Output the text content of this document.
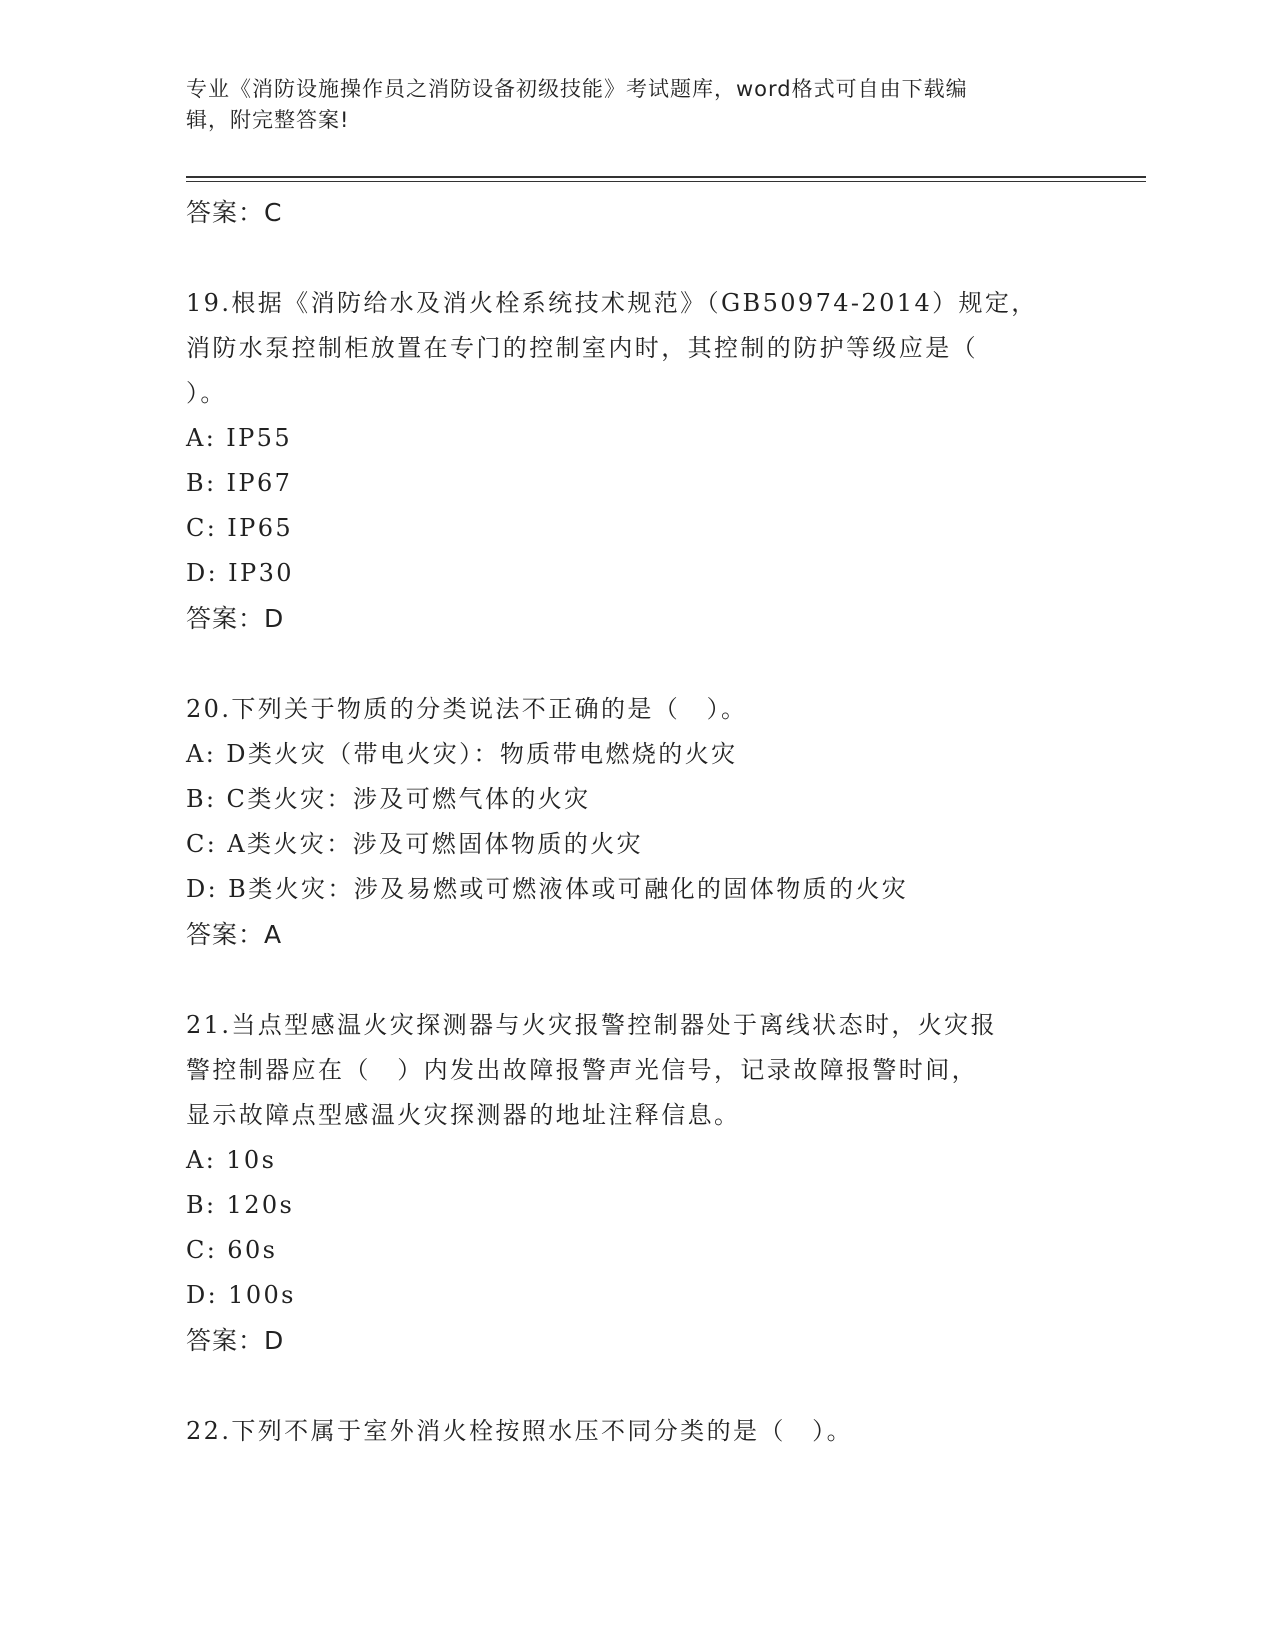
专业《消防设施操作员之消防设备初级技能》考试题库，word格式可自由下载编
辑，附完整答案!
答案：C
19.根据《消防给水及消火栓系统技术规范》（GB50974-2014）规定，
消防水泵控制柜放置在专门的控制室内时，其控制的防护等级应是（
）。
A: IP55
B: IP67
C: IP65
D: IP30
答案：D
20.下列关于物质的分类说法不正确的是（　）。
A: D类火灾（带电火灾）：物质带电燃烧的火灾
B: C类火灾：涉及可燃气体的火灾
C: A类火灾：涉及可燃固体物质的火灾
D: B类火灾：涉及易燃或可燃液体或可融化的固体物质的火灾
答案：A
21.当点型感温火灾探测器与火灾报警控制器处于离线状态时，火灾报
警控制器应在（　）内发出故障报警声光信号，记录故障报警时间，
显示故障点型感温火灾探测器的地址注释信息。
A: 10s
B: 120s
C: 60s
D: 100s
答案：D
22.下列不属于室外消火栓按照水压不同分类的是（　）。
